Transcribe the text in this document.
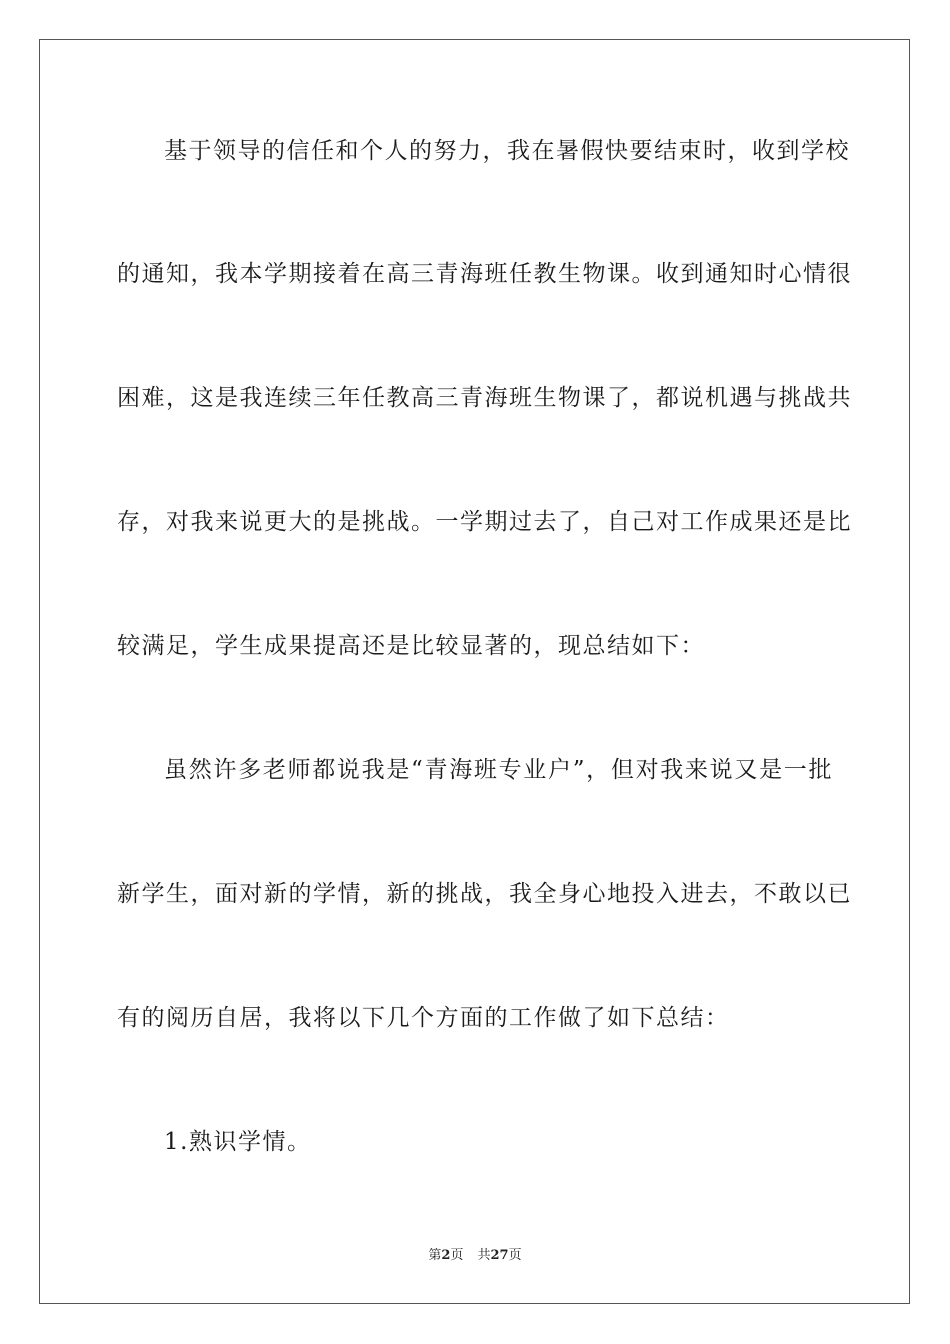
基于领导的信任和个人的努力，我在暑假快要结束时，收到学校
的通知，我本学期接着在高三青海班任教生物课。收到通知时心情很
困难，这是我连续三年任教高三青海班生物课了，都说机遇与挑战共
存，对我来说更大的是挑战。一学期过去了，自己对工作成果还是比
较满足，学生成果提高还是比较显著的，现总结如下：
虽然许多老师都说我是“青海班专业户”，但对我来说又是一批
新学生，面对新的学情，新的挑战，我全身心地投入进去，不敢以已
有的阅历自居，我将以下几个方面的工作做了如下总结：
1.熟识学情。
第2页 共27页
